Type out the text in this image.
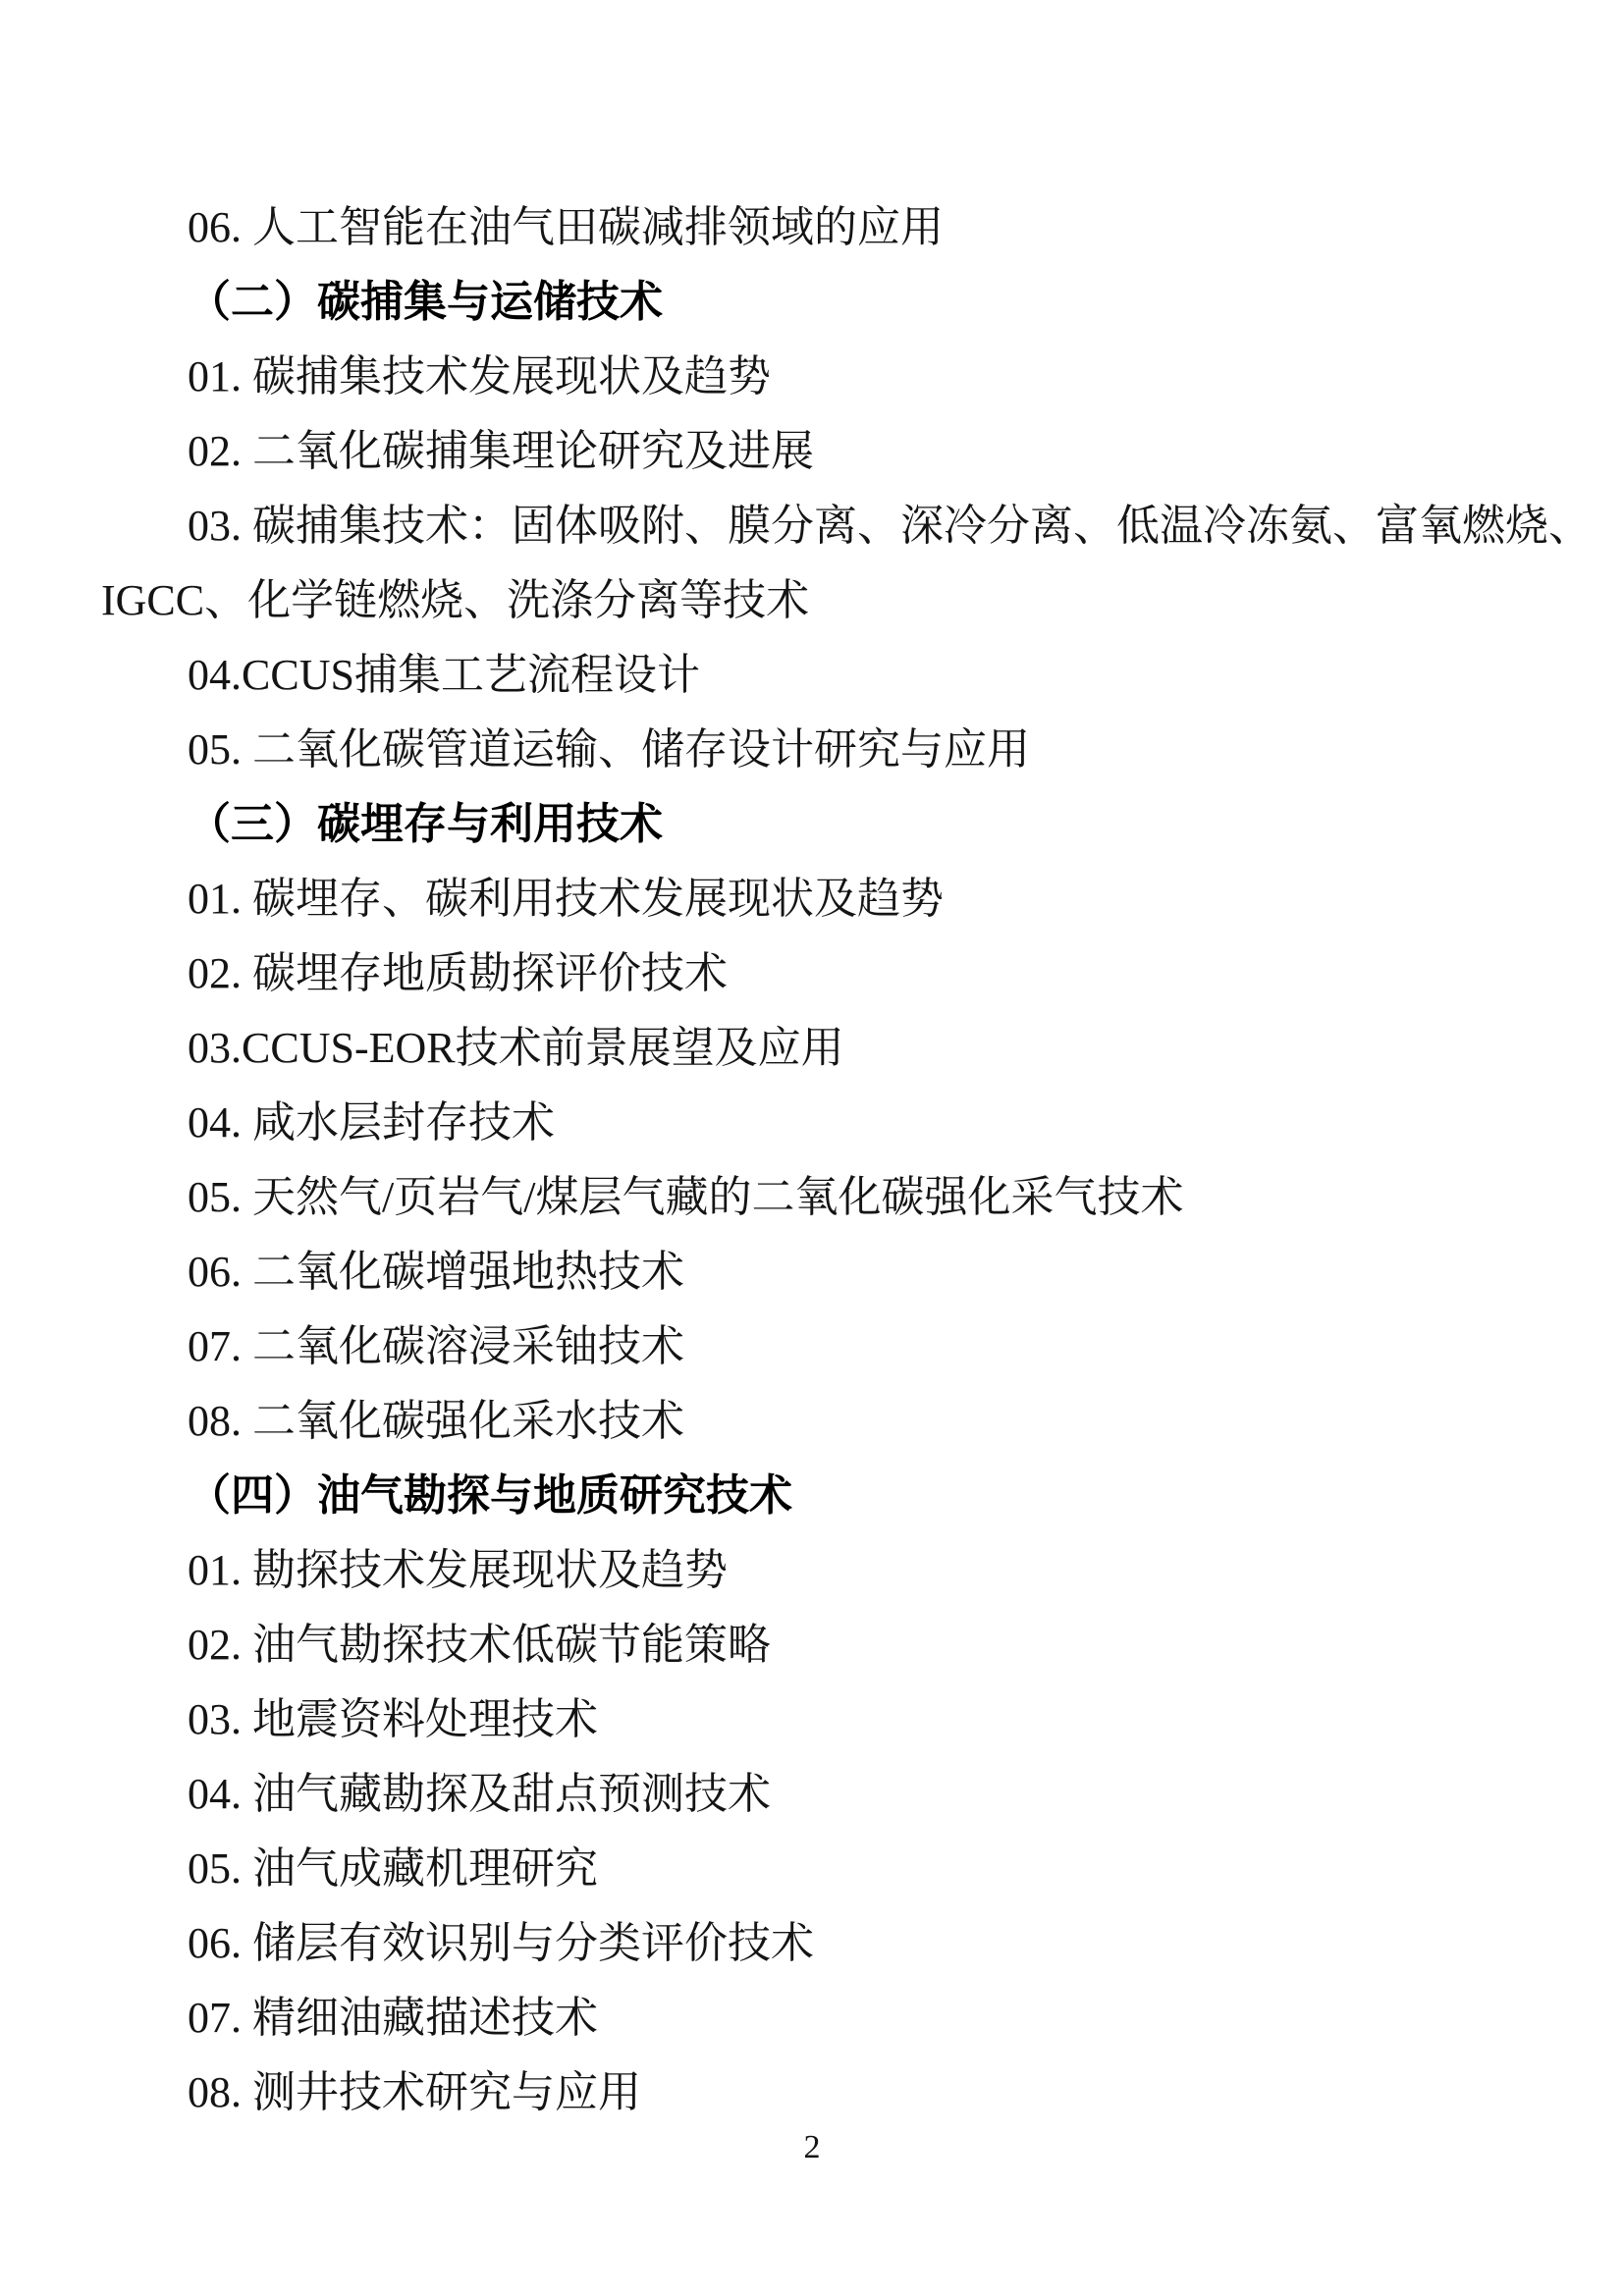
06. 人工智能在油气田碳减排领域的应用
（二）碳捕集与运储技术
01. 碳捕集技术发展现状及趋势
02. 二氧化碳捕集理论研究及进展
03. 碳捕集技术：固体吸附、膜分离、深冷分离、低温冷冻氨、富氧燃烧、
IGCC、化学链燃烧、洗涤分离等技术
04.CCUS捕集工艺流程设计
05. 二氧化碳管道运输、储存设计研究与应用
（三）碳埋存与利用技术
01. 碳埋存、碳利用技术发展现状及趋势
02. 碳埋存地质勘探评价技术
03.CCUS-EOR技术前景展望及应用
04. 咸水层封存技术
05. 天然气/页岩气/煤层气藏的二氧化碳强化采气技术
06. 二氧化碳增强地热技术
07. 二氧化碳溶浸采铀技术
08. 二氧化碳强化采水技术
（四）油气勘探与地质研究技术
01. 勘探技术发展现状及趋势
02. 油气勘探技术低碳节能策略
03. 地震资料处理技术
04. 油气藏勘探及甜点预测技术
05. 油气成藏机理研究
06. 储层有效识别与分类评价技术
07. 精细油藏描述技术
08. 测井技术研究与应用
2
